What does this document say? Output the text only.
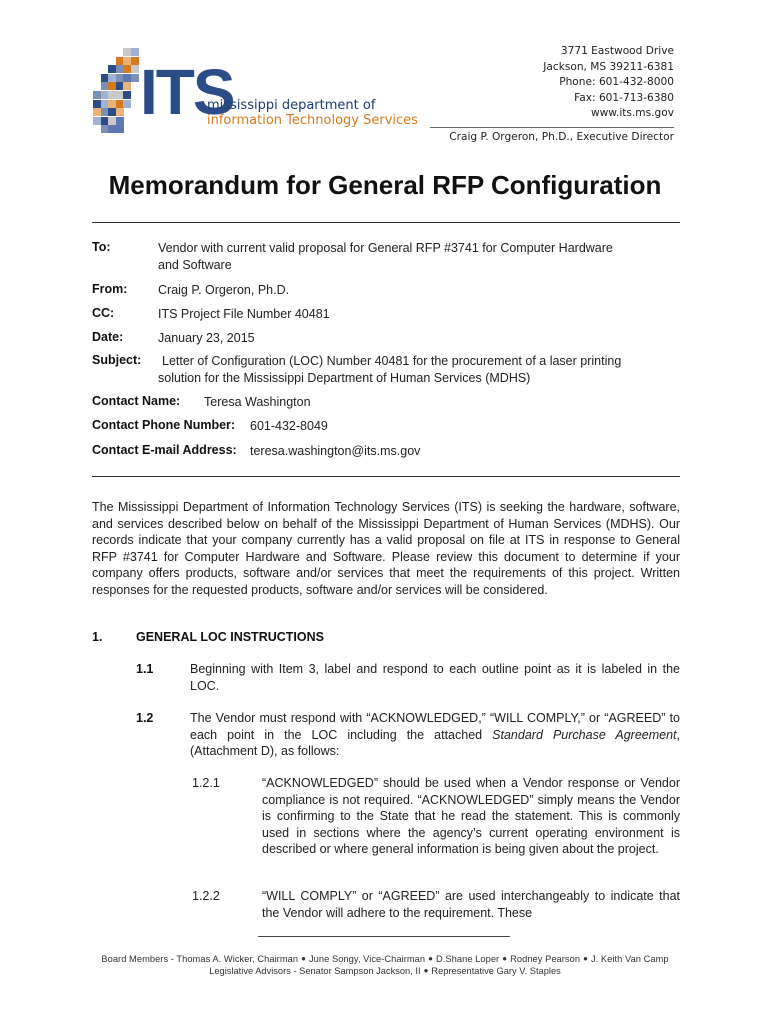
ITS
mississippi department of
information Technology Services
3771 Eastwood Drive
Jackson, MS 39211-6381
Phone: 601-432-8000
Fax: 601-713-6380
www.its.ms.gov
Craig P. Orgeron, Ph.D., Executive Director
Memorandum for General RFP Configuration
To:	Vendor with current valid proposal for General RFP #3741 for Computer Hardware
and Software
From: Craig P. Orgeron, Ph.D.
CC:	ITS Project File Number 40481
Date:	January 23, 2015
Subject: Letter of Configuration (LOC) Number 40481 for the procurement of a laser printing
solution for the Mississippi Department of Human Services (MDHS)
Contact Name: Teresa Washington
Contact Phone Number: 601-432-8049
Contact E-mail Address: teresa.washington@its.ms.gov
The Mississippi Department of Information Technology Services (ITS) is seeking the hardware, software, and services described below on behalf of the Mississippi Department of Human Services (MDHS). Our records indicate that your company currently has a valid proposal on file at ITS in response to General RFP #3741 for Computer Hardware and Software. Please review this document to determine if your company offers products, software and/or services that meet the requirements of this project. Written responses for the requested products, software and/or services will be considered.
1.	GENERAL LOC INSTRUCTIONS
1.1	Beginning with Item 3, label and respond to each outline point as it is labeled in the LOC.
1.2	The Vendor must respond with “ACKNOWLEDGED,” “WILL COMPLY,” or “AGREED” to each point in the LOC including the attached Standard Purchase Agreement, (Attachment D), as follows:
1.2.1	“ACKNOWLEDGED” should be used when a Vendor response or Vendor compliance is not required. “ACKNOWLEDGED” simply means the Vendor is confirming to the State that he read the statement. This is commonly used in sections where the agency’s current operating environment is described or where general information is being given about the project.
1.2.2	“WILL COMPLY” or “AGREED” are used interchangeably to indicate that the Vendor will adhere to the requirement. These
Board Members - Thomas A. Wicker, Chairman ● June Songy, Vice-Chairman ● D.Shane Loper ● Rodney Pearson ● J. Keith Van Camp
Legislative Advisors - Senator Sampson Jackson, II ● Representative Gary V. Staples
